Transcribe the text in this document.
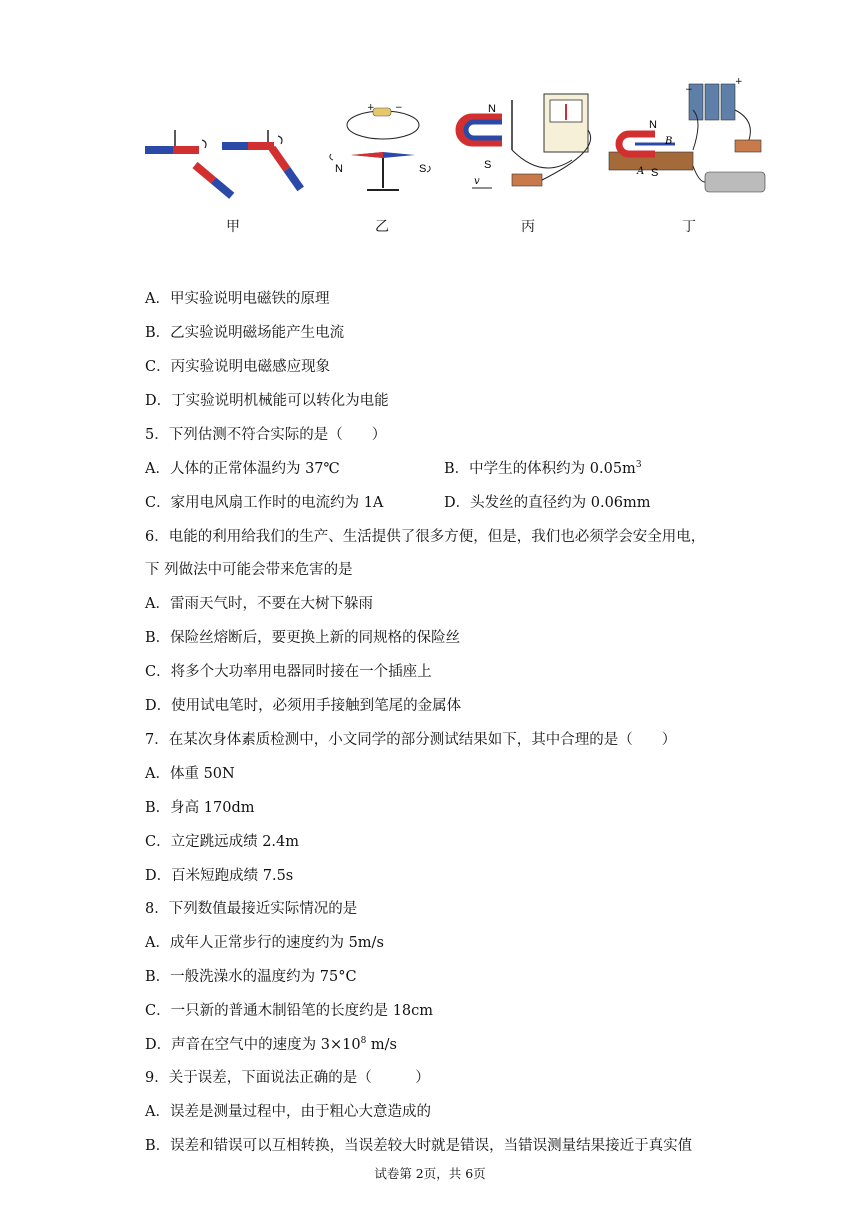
+ −
N	S
N
S
v
+
−
N
B
A S
甲	乙	丙	丁
A．甲实验说明电磁铁的原理
B．乙实验说明磁场能产生电流
C．丙实验说明电磁感应现象
D．丁实验说明机械能可以转化为电能
5．下列估测不符合实际的是（　　）
A．人体的正常体温约为 37℃	B．中学生的体积约为 $0.05m^3$
C．家用电风扇工作时的电流约为 1A	D．头发丝的直径约为 0.06mm
6．电能的利用给我们的生产、生活提供了很多方便，但是，我们也必须学会安全用电，
下 列做法中可能会带来危害的是
A．雷雨天气时，不要在大树下躲雨
B．保险丝熔断后，要更换上新的同规格的保险丝
C．将多个大功率用电器同时接在一个插座上
D．使用试电笔时，必须用手接触到笔尾的金属体
7．在某次身体素质检测中，小文同学的部分测试结果如下，其中合理的是（　　）
A．体重 50N
B．身高 170dm
C．立定跳远成绩 2.4m
D．百米短跑成绩 7.5s
8．下列数值最接近实际情况的是
A．成年人正常步行的速度约为 5m/s
B．一般洗澡水的温度约为 75°C
C．一只新的普通木制铅笔的长度约是 18cm
D．声音在空气中的速度为 $3\times 10^8$ m/s
9．关于误差，下面说法正确的是（　　　）
A．误差是测量过程中，由于粗心大意造成的
B．误差和错误可以互相转换，当误差较大时就是错误，当错误测量结果接近于真实值
试卷第 2页，共 6页
